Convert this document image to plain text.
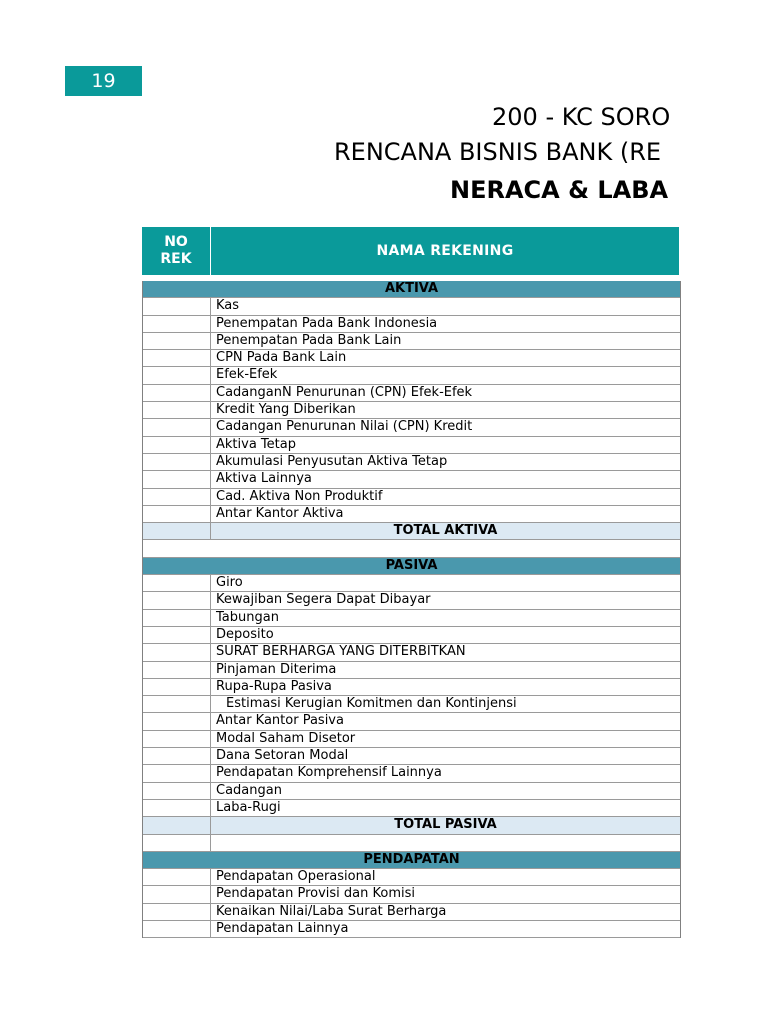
19
200 - KC SORO
RENCANA BISNIS BANK (RE
NERACA & LABA
NO
REK	NAMA REKENING
AKTIVA
Kas
Penempatan Pada Bank Indonesia
Penempatan Pada Bank Lain
CPN Pada Bank Lain
Efek-Efek
CadanganN Penurunan (CPN) Efek-Efek
Kredit Yang Diberikan
Cadangan Penurunan Nilai (CPN) Kredit
Aktiva Tetap
Akumulasi Penyusutan Aktiva Tetap
Aktiva Lainnya
Cad. Aktiva Non Produktif
Antar Kantor Aktiva
TOTAL AKTIVA
PASIVA
Giro
Kewajiban Segera Dapat Dibayar
Tabungan
Deposito
SURAT BERHARGA YANG DITERBITKAN
Pinjaman Diterima
Rupa-Rupa Pasiva
Estimasi Kerugian Komitmen dan Kontinjensi
Antar Kantor Pasiva
Modal Saham Disetor
Dana Setoran Modal
Pendapatan Komprehensif Lainnya
Cadangan
Laba-Rugi
TOTAL PASIVA
PENDAPATAN
Pendapatan Operasional
Pendapatan Provisi dan Komisi
Kenaikan Nilai/Laba Surat Berharga
Pendapatan Lainnya
